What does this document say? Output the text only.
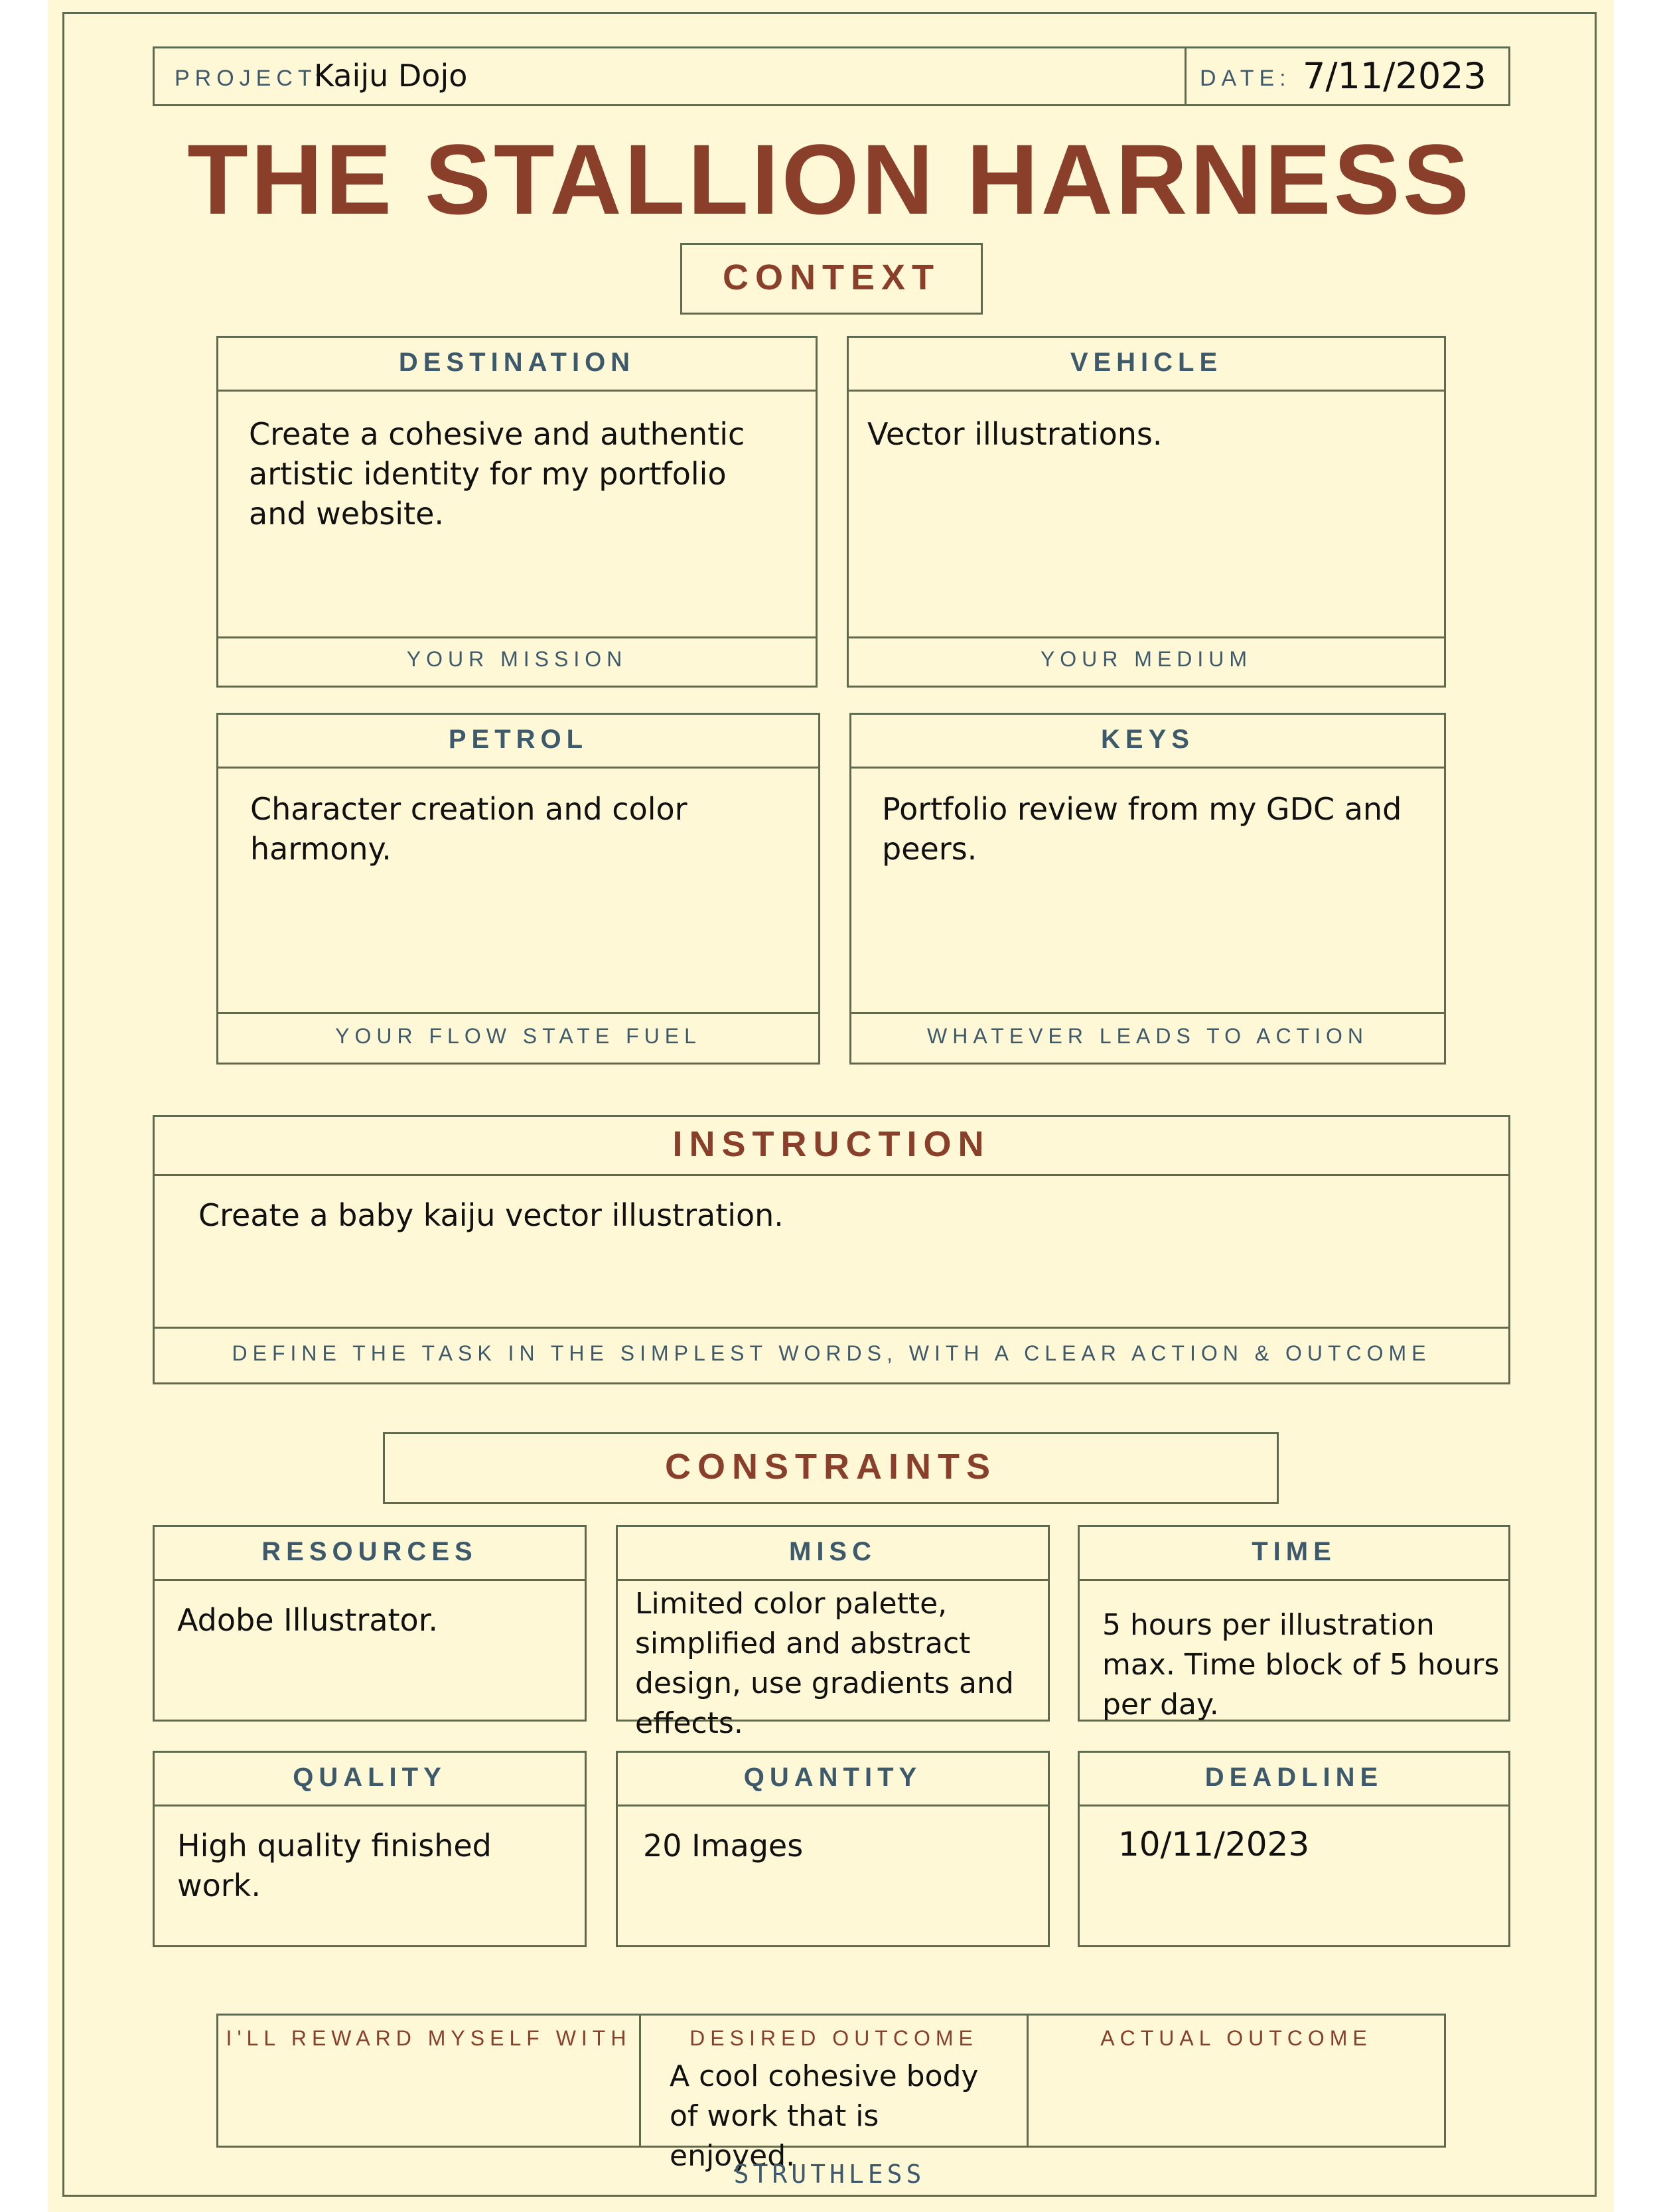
PROJECT:
Kaiju Dojo	DATE: 7/11/2023
THE STALLION HARNESS
CONTEXT
DESTINATION
Create a cohesive and authentic artistic identity for my portfolio and website.
YOUR MISSION
VEHICLE
Vector illustrations.
YOUR MEDIUM
PETROL
Character creation and color harmony.
YOUR FLOW STATE FUEL
KEYS
Portfolio review from my GDC and peers.
WHATEVER LEADS TO ACTION
INSTRUCTION
Create a baby kaiju vector illustration.
DEFINE THE TASK IN THE SIMPLEST WORDS, WITH A CLEAR ACTION & OUTCOME
CONSTRAINTS
RESOURCES
Adobe Illustrator.
MISC
Limited color palette, simplified and abstract design, use gradients and effects.
TIME
5 hours per illustration max. Time block of 5 hours per day.
QUALITY
High quality finished work.
QUANTITY
20 Images
DEADLINE
10/11/2023
I'LL REWARD MYSELF WITH	DESIRED OUTCOME
A cool cohesive body of work that is enjoyed.
ACTUAL OUTCOME
STRUTHLESS
